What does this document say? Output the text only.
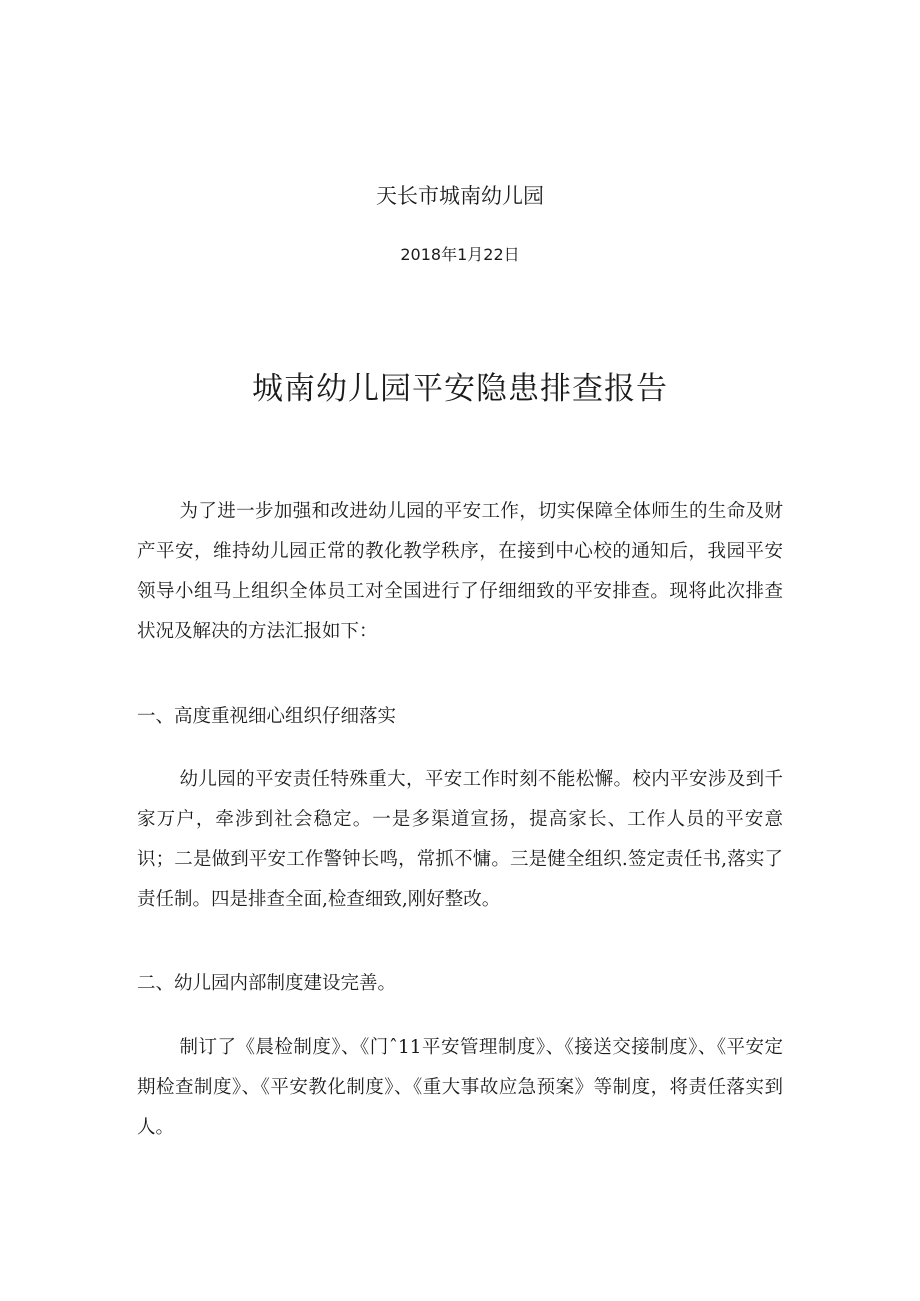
天长市城南幼儿园
2018年1月22日
城南幼儿园平安隐患排查报告

为了进一步加强和改进幼儿园的平安工作，切实保障全体师生的生命及财产平安，维持幼儿园正常的教化教学秩序，在接到中心校的通知后，我园平安领导小组马上组织全体员工对全国进行了仔细细致的平安排查。现将此次排查状况及解决的方法汇报如下：

一、高度重视细心组织仔细落实

幼儿园的平安责任特殊重大，平安工作时刻不能松懈。校内平安涉及到千家万户，牵涉到社会稳定。一是多渠道宣扬，提高家长、工作人员的平安意识；二是做到平安工作警钟长鸣，常抓不慵。三是健全组织.签定责任书,落实了责任制。四是排查全面,检查细致,刚好整改。

二、幼儿园内部制度建设完善。

制订了《晨检制度》、《门ˆ11平安管理制度》、《接送交接制度》、《平安定期检查制度》、《平安教化制度》、《重大事故应急预案》等制度，将责任落实到人。
